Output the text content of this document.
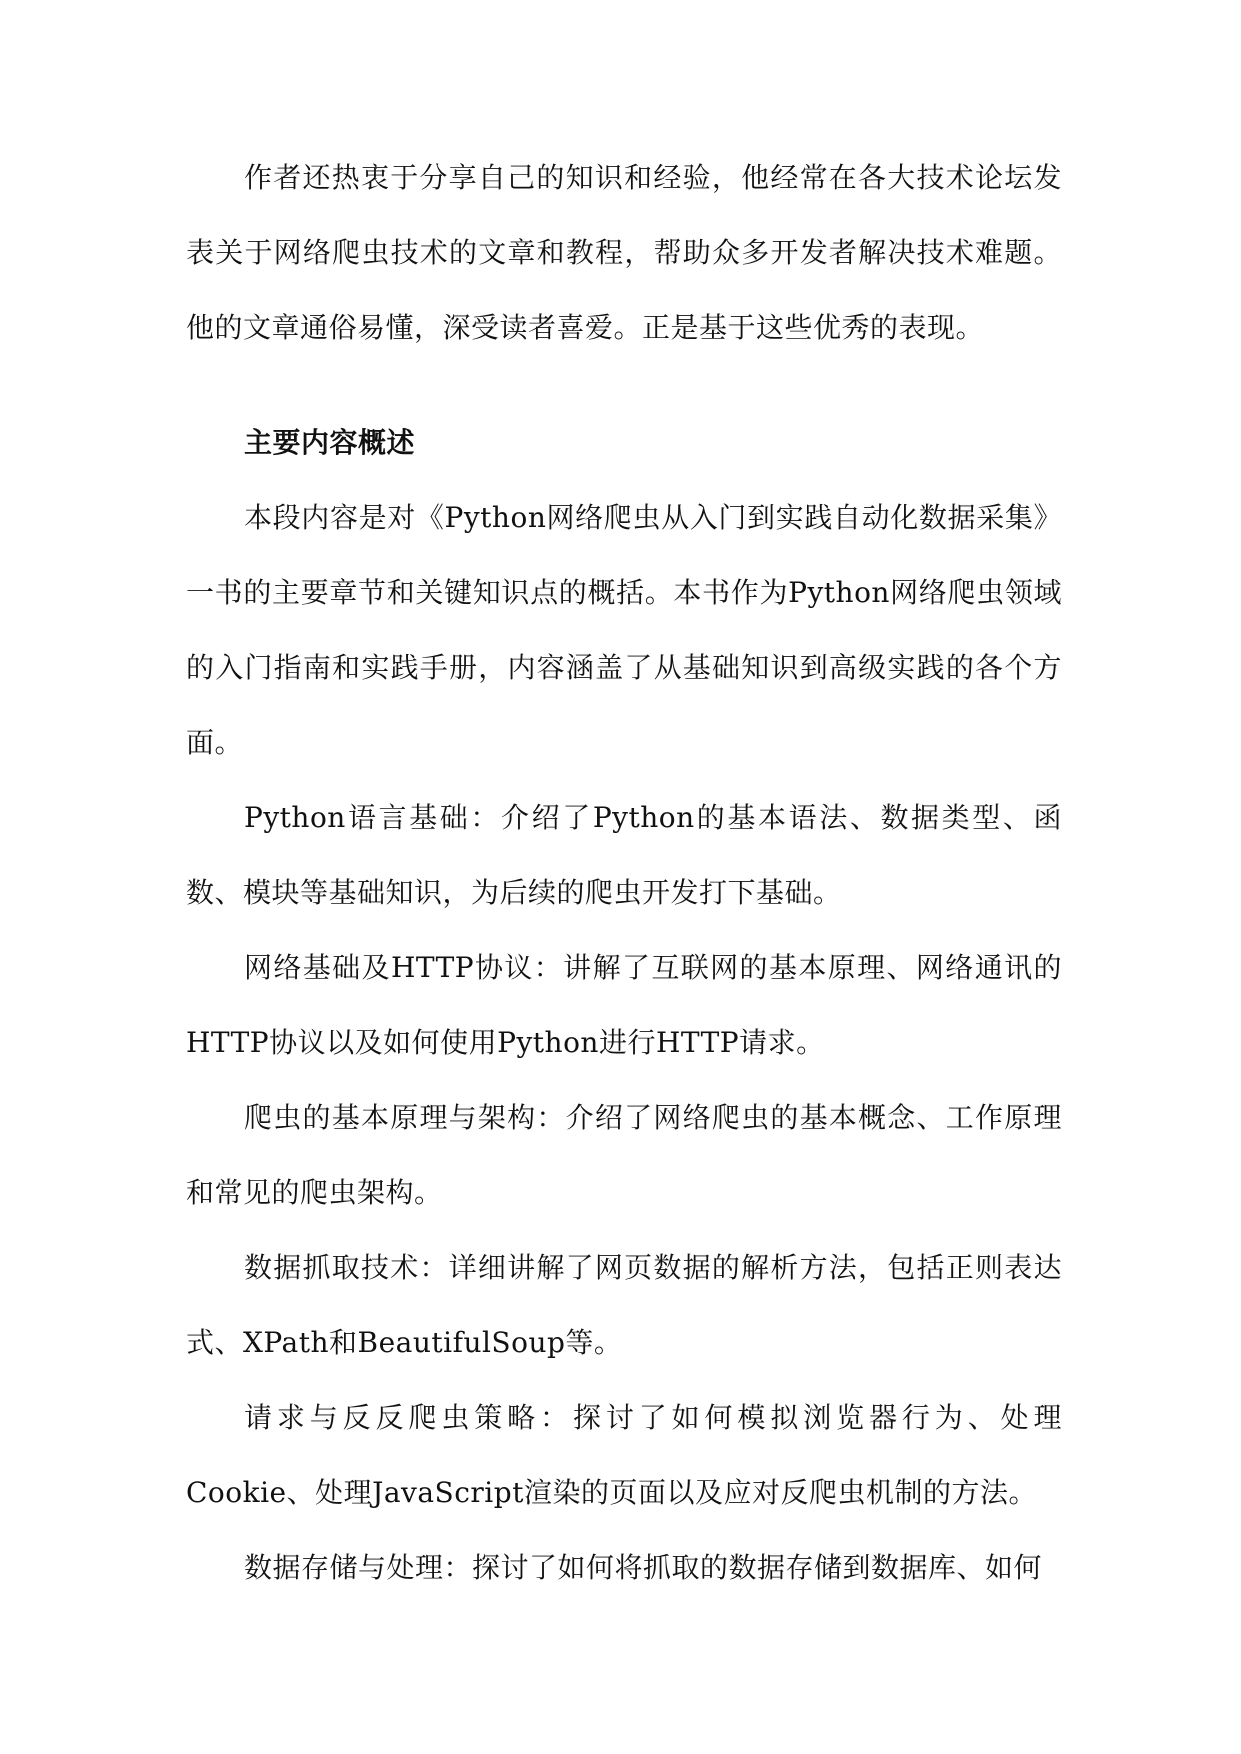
作者还热衷于分享自己的知识和经验，他经常在各大技术论坛发表关于网络爬虫技术的文章和教程，帮助众多开发者解决技术难题。他的文章通俗易懂，深受读者喜爱。正是基于这些优秀的表现。

主要内容概述

本段内容是对《Python网络爬虫从入门到实践自动化数据采集》一书的主要章节和关键知识点的概括。本书作为Python网络爬虫领域的入门指南和实践手册，内容涵盖了从基础知识到高级实践的各个方面。

Python语言基础：介绍了Python的基本语法、数据类型、函数、模块等基础知识，为后续的爬虫开发打下基础。

网络基础及HTTP协议：讲解了互联网的基本原理、网络通讯的HTTP协议以及如何使用Python进行HTTP请求。

爬虫的基本原理与架构：介绍了网络爬虫的基本概念、工作原理和常见的爬虫架构。

数据抓取技术：详细讲解了网页数据的解析方法，包括正则表达式、XPath和BeautifulSoup等。

请求与反反爬虫策略：探讨了如何模拟浏览器行为、处理Cookie、处理JavaScript渲染的页面以及应对反爬虫机制的方法。

数据存储与处理：探讨了如何将抓取的数据存储到数据库、如何
